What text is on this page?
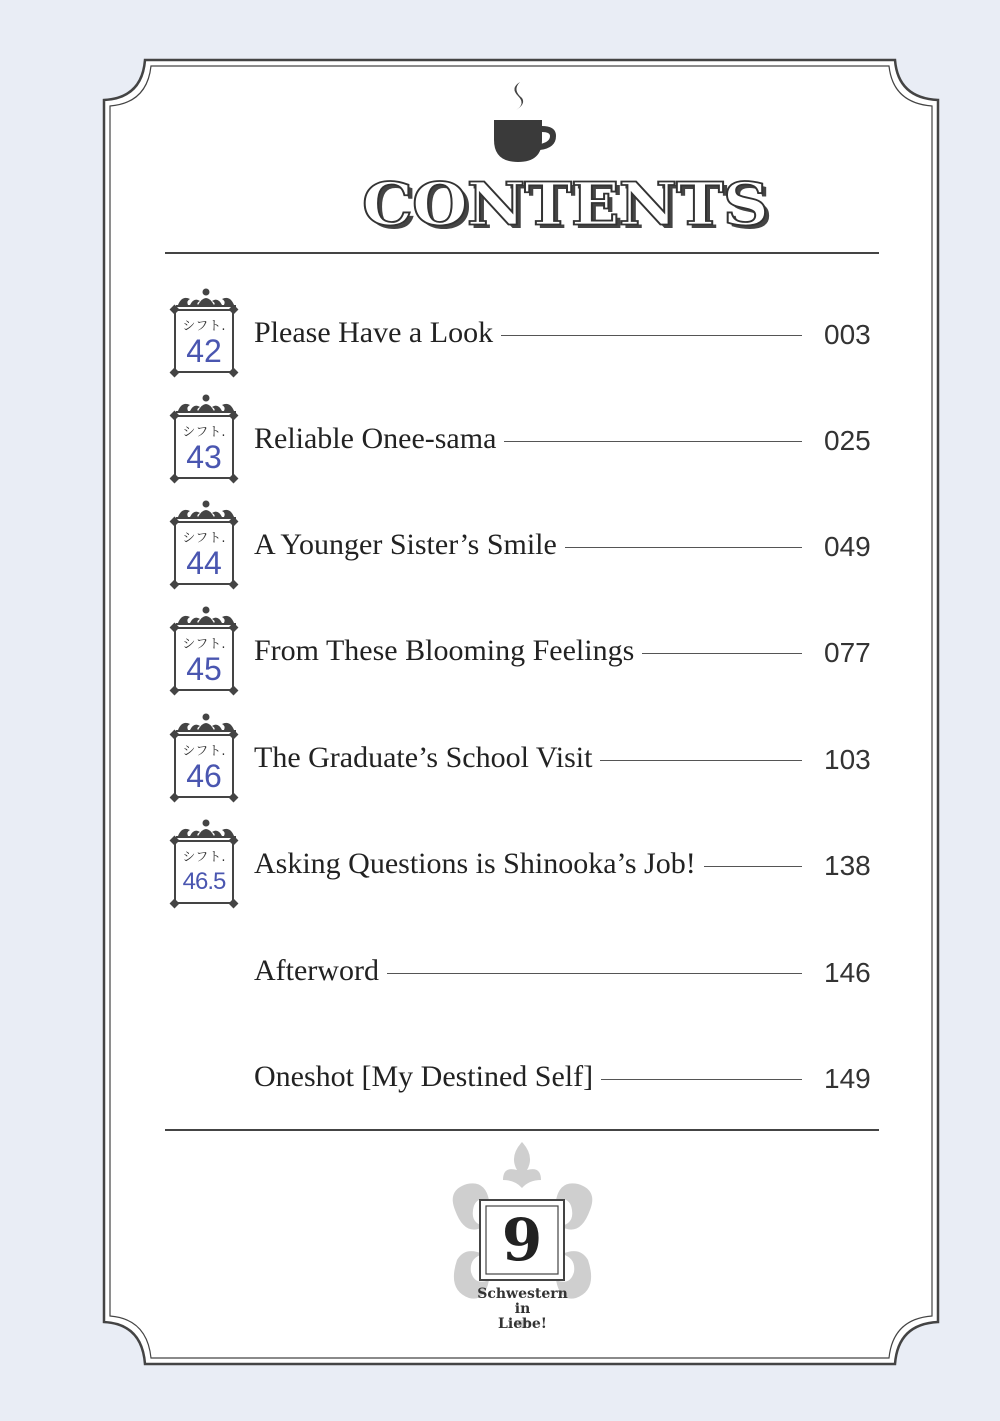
CONTENTS
シフト.
42
Please Have a Look	003
シフト.
43
Reliable Onee-sama	025
シフト.
44
A Younger Sister’s Smile	049
シフト.
45
From These Blooming Feelings	077
シフト.
46
The Graduate’s School Visit	103
シフト.
46.5
Asking Questions is Shinooka’s Job!	138
Afterword	146
Oneshot [My Destined Self]	149
9
Schwestern
in
Liebe!
